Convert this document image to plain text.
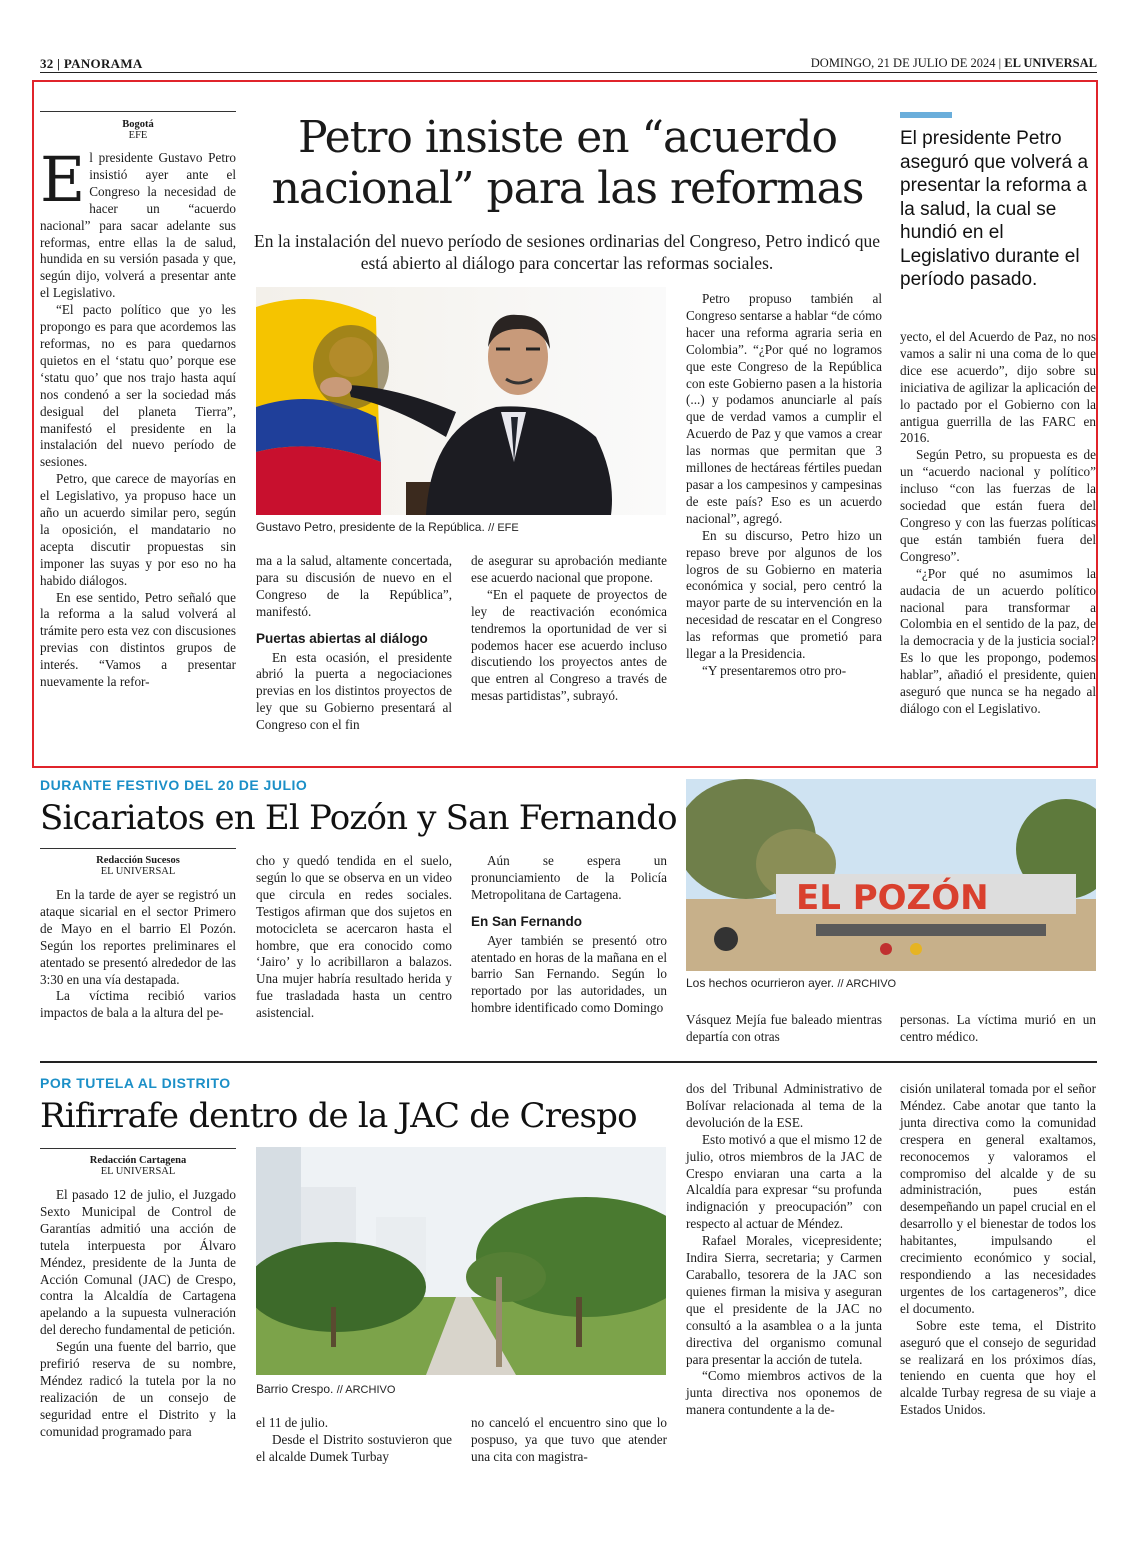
32 | PANORAMA	DOMINGO, 21 DE JULIO DE 2024 | EL UNIVERSAL
Bogotá
EFE

El presidente Gustavo Petro insistió ayer ante el Congreso la necesidad de hacer un “acuerdo nacional” para sacar adelante sus reformas, entre ellas la de salud, hundida en su versión pasada y que, según dijo, volverá a presentar ante el Legislativo.

“El pacto político que yo les propongo es para que acordemos las reformas, no es para quedarnos quietos en el ‘statu quo’ porque ese ‘statu quo’ que nos trajo hasta aquí nos condenó a ser la sociedad más desigual del planeta Tierra”, manifestó el presidente en la instalación del nuevo período de sesiones.

Petro, que carece de mayorías en el Legislativo, ya propuso hace un año un acuerdo similar pero, según la oposición, el mandatario no acepta discutir propuestas sin imponer las suyas y por eso no ha habido diálogos.

En ese sentido, Petro señaló que la reforma a la salud volverá al trámite pero esta vez con discusiones previas con distintos grupos de interés. “Vamos a presentar nuevamente la refor-

Petro insiste en “acuerdo
nacional” para las reformas
En la instalación del nuevo período de sesiones ordinarias del Congreso, Petro indicó que está abierto al diálogo para concertar las reformas sociales.
Gustavo Petro, presidente de la República. // EFE

ma a la salud, altamente concertada, para su discusión de nuevo en el Congreso de la República”, manifestó.

Puertas abiertas al diálogo

En esta ocasión, el presidente abrió la puerta a negociaciones previas en los distintos proyectos de ley que su Gobierno presentará al Congreso con el fin

de asegurar su aprobación mediante ese acuerdo nacional que propone.

“En el paquete de proyectos de ley de reactivación económica tendremos la oportunidad de ver si podemos hacer ese acuerdo incluso discutiendo los proyectos antes de que entren al Congreso a través de mesas partidistas”, subrayó.

Petro propuso también al Congreso sentarse a hablar “de cómo hacer una reforma agraria seria en Colombia”. “¿Por qué no logramos que este Congreso de la República con este Gobierno pasen a la historia (...) y podamos anunciarle al país que de verdad vamos a cumplir el Acuerdo de Paz y que vamos a crear las normas que permitan que 3 millones de hectáreas fértiles puedan pasar a los campesinos y campesinas de este país? Eso es un acuerdo nacional”, agregó.

En su discurso, Petro hizo un repaso breve por algunos de los logros de su Gobierno en materia económica y social, pero centró la mayor parte de su intervención en la necesidad de rescatar en el Congreso las reformas que prometió para llegar a la Presidencia.

“Y presentaremos otro pro-

El presidente Petro aseguró que volverá a presentar la reforma a la salud, la cual se hundió en el Legislativo durante el período pasado.

yecto, el del Acuerdo de Paz, no nos vamos a salir ni una coma de lo que dice ese acuerdo”, dijo sobre su iniciativa de agilizar la aplicación de lo pactado por el Gobierno con la antigua guerrilla de las FARC en 2016.

Según Petro, su propuesta es de un “acuerdo nacional y político” incluso “con las fuerzas de la sociedad que están fuera del Congreso y con las fuerzas políticas que están también fuera del Congreso”.

“¿Por qué no asumimos la audacia de un acuerdo político nacional para transformar a Colombia en el sentido de la paz, de la democracia y de la justicia social? Es lo que les propongo, podemos hablar”, añadió el presidente, quien aseguró que nunca se ha negado al diálogo con el Legislativo.

DURANTE FESTIVO DEL 20 DE JULIO
Sicariatos en El Pozón y San Fernando
Redacción Sucesos
EL UNIVERSAL

En la tarde de ayer se registró un ataque sicarial en el sector Primero de Mayo en el barrio El Pozón. Según los reportes preliminares el atentado se presentó alrededor de las 3:30 en una vía destapada.

La víctima recibió varios impactos de bala a la altura del pe-

cho y quedó tendida en el suelo, según lo que se observa en un video que circula en redes sociales. Testigos afirman que dos sujetos en motocicleta se acercaron hasta el hombre, que era conocido como ‘Jairo’ y lo acribillaron a balazos. Una mujer habría resultado herida y fue trasladada hasta un centro asistencial.

Aún se espera un pronunciamiento de la Policía Metropolitana de Cartagena.

En San Fernando

Ayer también se presentó otro atentado en horas de la mañana en el barrio San Fernando. Según lo reportado por las autoridades, un hombre identificado como Domingo

EL POZÓN
Los hechos ocurrieron ayer. // ARCHIVO

Vásquez Mejía fue baleado mientras departía con otras

personas. La víctima murió en un centro médico.

POR TUTELA AL DISTRITO
Rifirrafe dentro de la JAC de Crespo
Redacción Cartagena
EL UNIVERSAL

El pasado 12 de julio, el Juzgado Sexto Municipal de Control de Garantías admitió una acción de tutela interpuesta por Álvaro Méndez, presidente de la Junta de Acción Comunal (JAC) de Crespo, contra la Alcaldía de Cartagena apelando a la supuesta vulneración del derecho fundamental de petición.

Según una fuente del barrio, que prefirió reserva de su nombre, Méndez radicó la tutela por la no realización de un consejo de seguridad entre el Distrito y la comunidad programado para

Barrio Crespo. // ARCHIVO

el 11 de julio.

Desde el Distrito sostuvieron que el alcalde Dumek Turbay

no canceló el encuentro sino que lo pospuso, ya que tuvo que atender una cita con magistra-

dos del Tribunal Administrativo de Bolívar relacionada al tema de la devolución de la ESE.

Esto motivó a que el mismo 12 de julio, otros miembros de la JAC de Crespo enviaran una carta a la Alcaldía para expresar “su profunda indignación y preocupación” con respecto al actuar de Méndez.

Rafael Morales, vicepresidente; Indira Sierra, secretaria; y Carmen Caraballo, tesorera de la JAC son quienes firman la misiva y aseguran que el presidente de la JAC no consultó a la asamblea o a la junta directiva del organismo comunal para presentar la acción de tutela.

“Como miembros activos de la junta directiva nos oponemos de manera contundente a la de-

cisión unilateral tomada por el señor Méndez. Cabe anotar que tanto la junta directiva como la comunidad crespera en general exaltamos, reconocemos y valoramos el compromiso del alcalde y de su administración, pues están desempeñando un papel crucial en el desarrollo y el bienestar de todos los habitantes, impulsando el crecimiento económico y social, respondiendo a las necesidades urgentes de los cartageneros”, dice el documento.

Sobre este tema, el Distrito aseguró que el consejo de seguridad se realizará en los próximos días, teniendo en cuenta que hoy el alcalde Turbay regresa de su viaje a Estados Unidos.
